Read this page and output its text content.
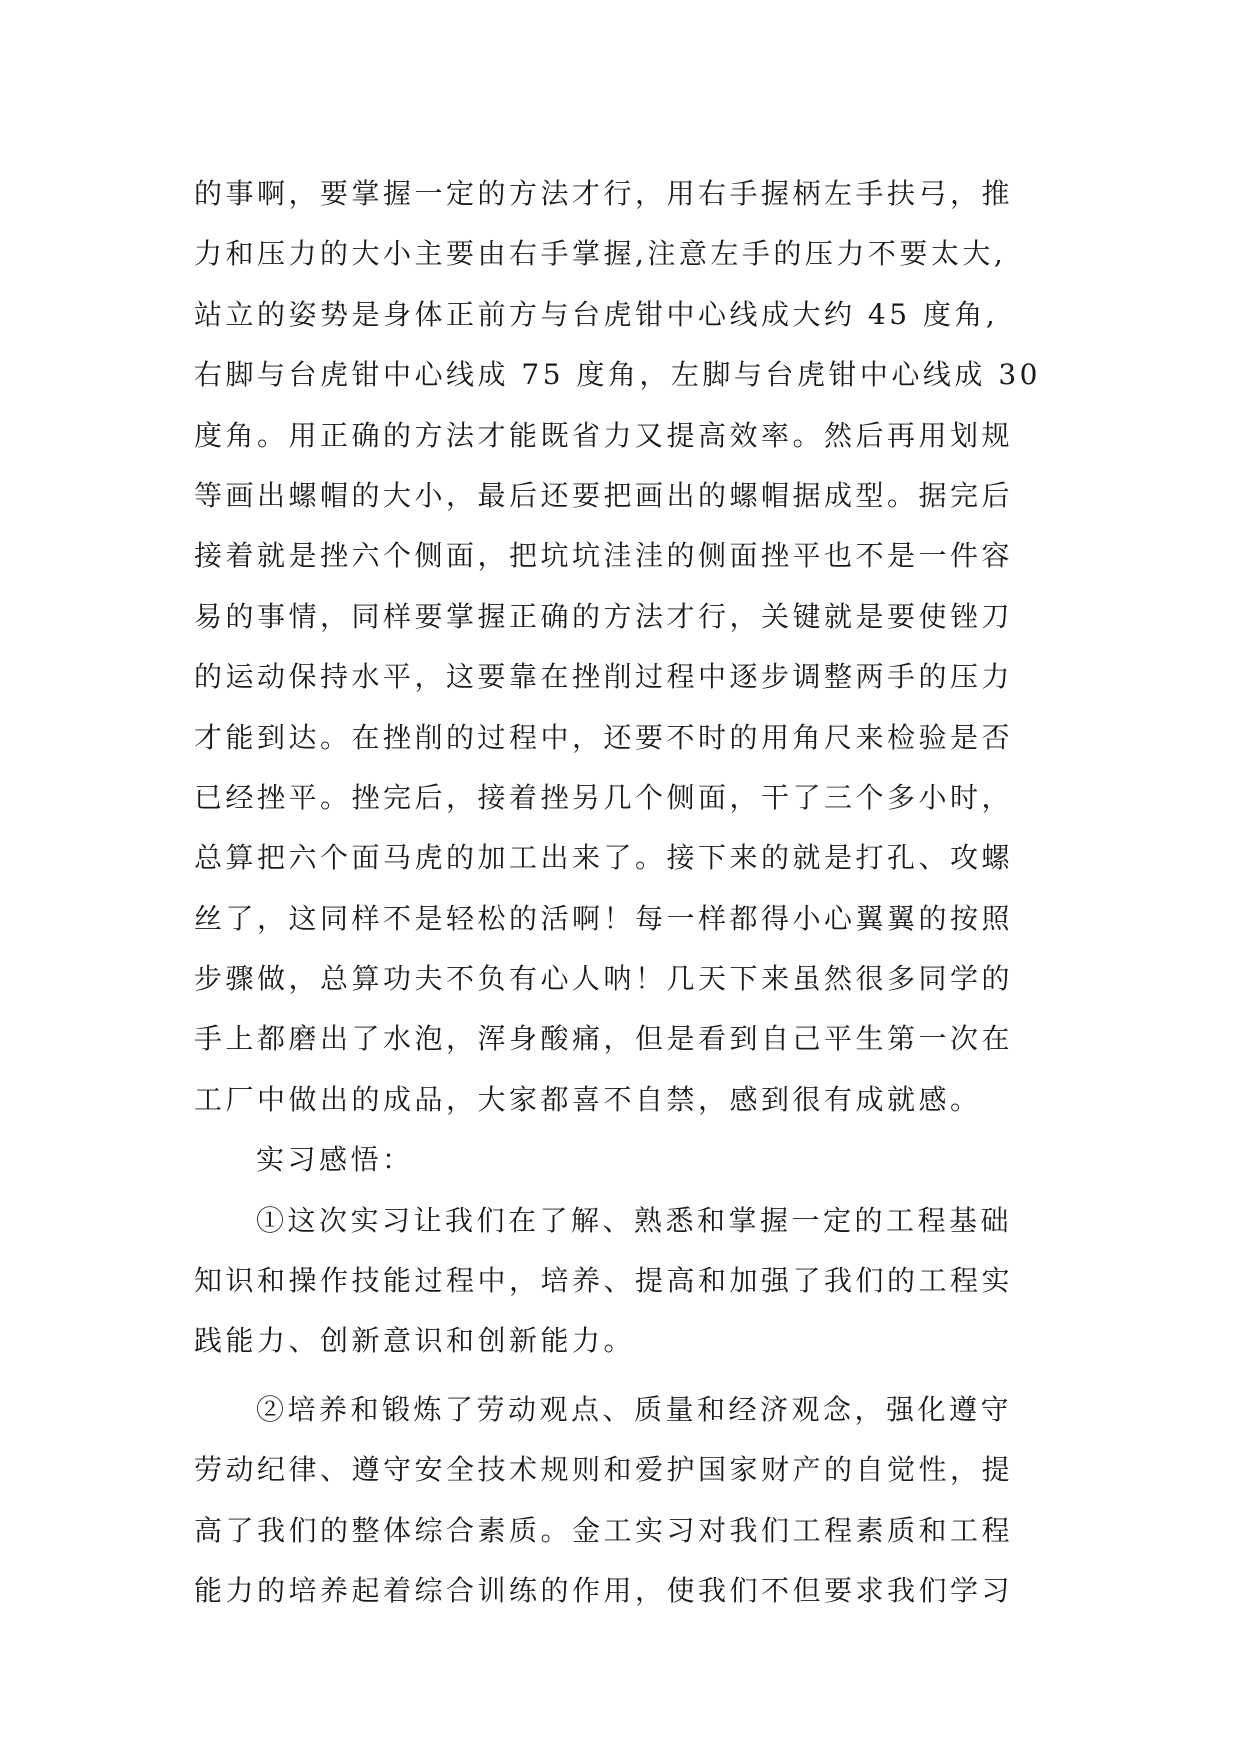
的事啊，要掌握一定的方法才行，用右手握柄左手扶弓，推
力和压力的大小主要由右手掌握,注意左手的压力不要太大,
站立的姿势是身体正前方与台虎钳中心线成大约 45 度角,
右脚与台虎钳中心线成 75 度角，左脚与台虎钳中心线成 30
度角。用正确的方法才能既省力又提高效率。然后再用划规
等画出螺帽的大小，最后还要把画出的螺帽据成型。据完后
接着就是挫六个侧面，把坑坑洼洼的侧面挫平也不是一件容
易的事情，同样要掌握正确的方法才行，关键就是要使锉刀
的运动保持水平，这要靠在挫削过程中逐步调整两手的压力
才能到达。在挫削的过程中，还要不时的用角尺来检验是否
已经挫平。挫完后，接着挫另几个侧面，干了三个多小时，
总算把六个面马虎的加工出来了。接下来的就是打孔、攻螺
丝了，这同样不是轻松的活啊！每一样都得小心翼翼的按照
步骤做，总算功夫不负有心人呐！几天下来虽然很多同学的
手上都磨出了水泡，浑身酸痛，但是看到自己平生第一次在
工厂中做出的成品，大家都喜不自禁，感到很有成就感。
实习感悟：
①这次实习让我们在了解、熟悉和掌握一定的工程基础
知识和操作技能过程中，培养、提高和加强了我们的工程实
践能力、创新意识和创新能力。
②培养和锻炼了劳动观点、质量和经济观念，强化遵守
劳动纪律、遵守安全技术规则和爱护国家财产的自觉性，提
高了我们的整体综合素质。金工实习对我们工程素质和工程
能力的培养起着综合训练的作用，使我们不但要求我们学习
